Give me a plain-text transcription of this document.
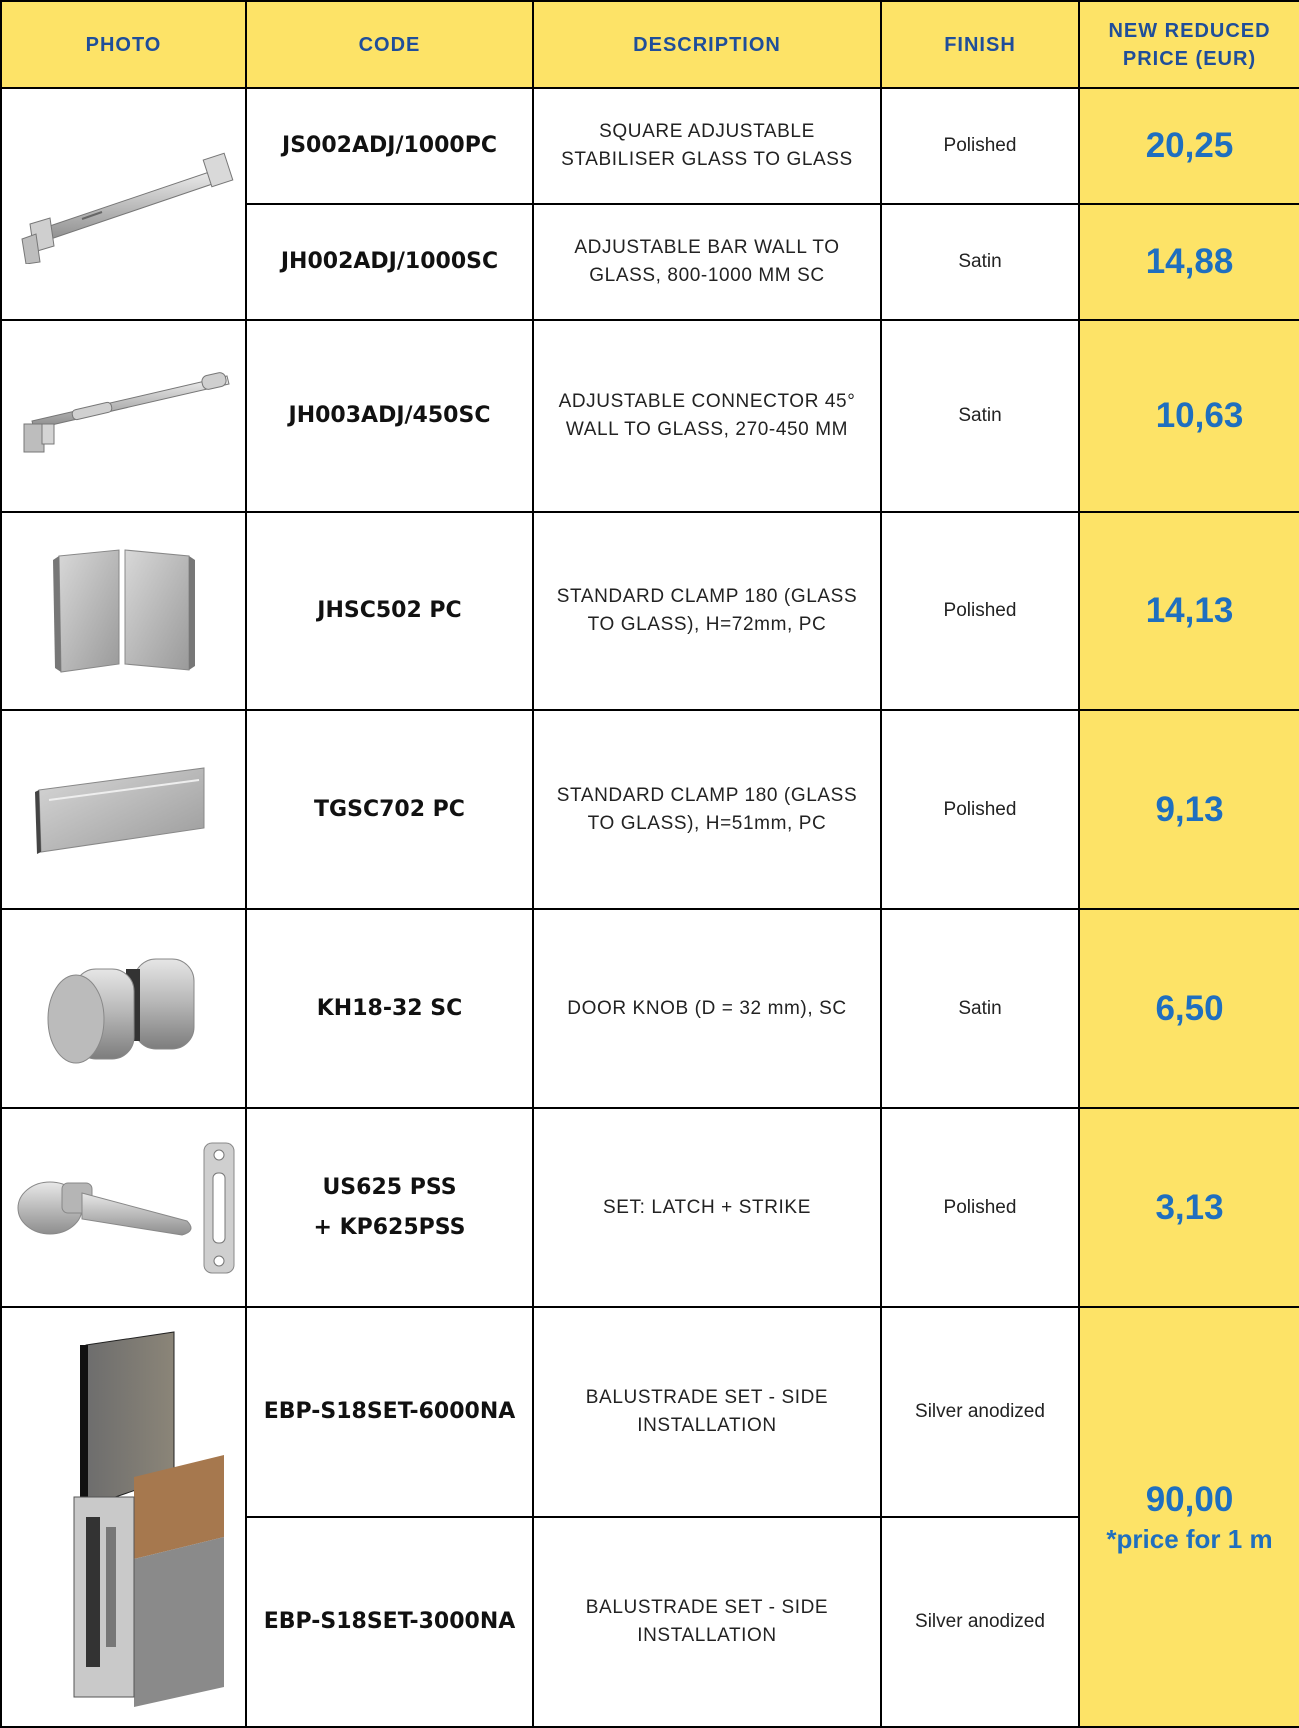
PHOTO	CODE	DESCRIPTION	FINISH	NEW REDUCED
PRICE (EUR)

	JS002ADJ/1000PC	SQUARE ADJUSTABLE
STABILISER GLASS TO GLASS	Polished	20,25
	JH002ADJ/1000SC	ADJUSTABLE BAR WALL TO
GLASS, 800-1000 MM SC	Satin	14,88

	JH003ADJ/450SC	ADJUSTABLE CONNECTOR 45°
WALL TO GLASS, 270-450 MM	Satin	10,63

	JHSC502 PC	STANDARD CLAMP 180 (GLASS
TO GLASS), H=72mm, PC	Polished	14,13

	TGSC702 PC	STANDARD CLAMP 180 (GLASS
TO GLASS), H=51mm, PC	Polished	9,13

	KH18-32 SC	DOOR KNOB (D = 32 mm), SC	Satin	6,50

US625 PSS
+ KP625PSS	SET: LATCH + STRIKE	Polished	3,13

	EBP-S18SET-6000NA	BALUSTRADE SET - SIDE
INSTALLATION	Silver anodized	90,00
*price for 1 m

	EBP-S18SET-3000NA	BALUSTRADE SET - SIDE
INSTALLATION	Silver anodized	
